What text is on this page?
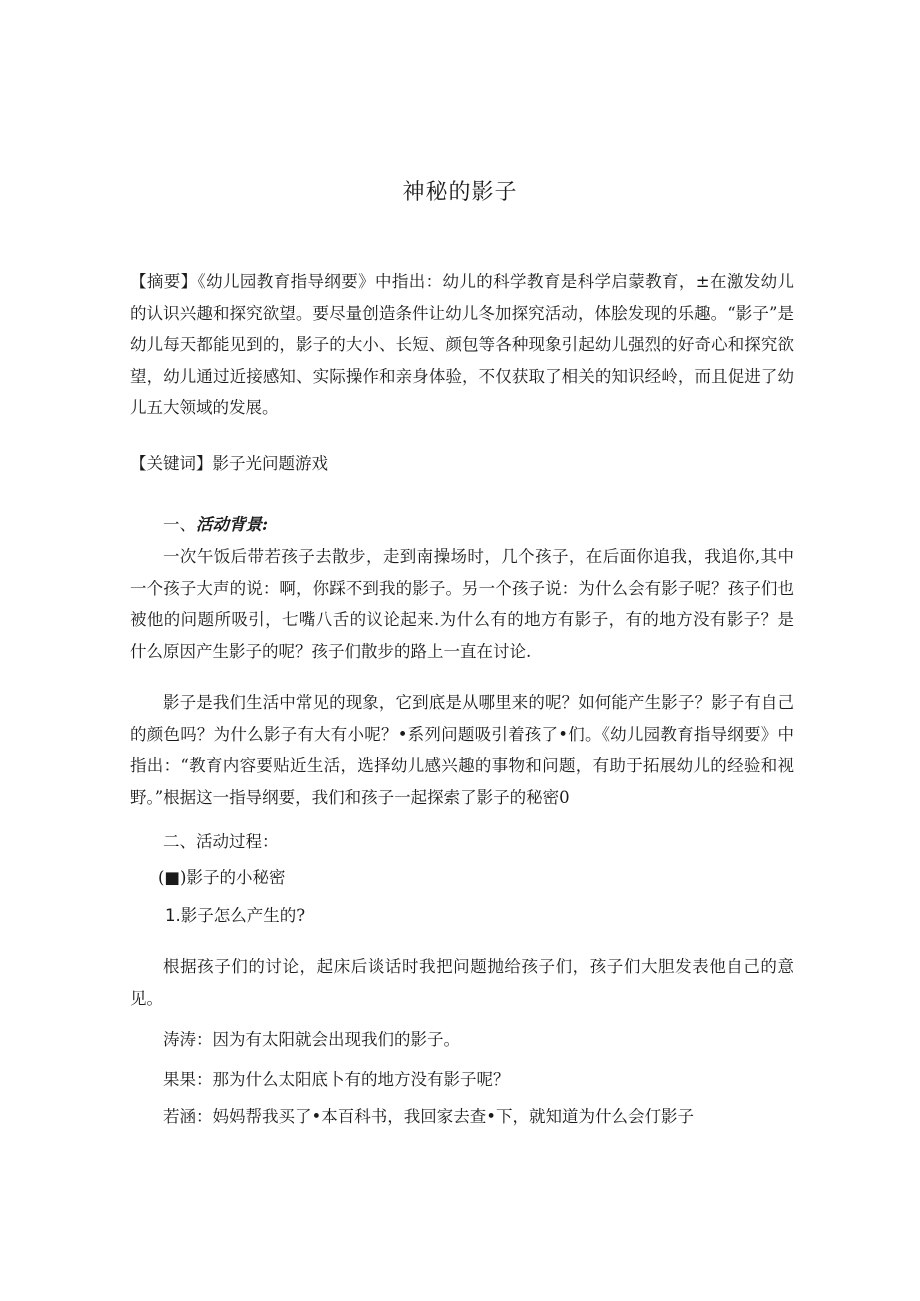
神秘的影子
【摘要】《幼儿园教育指导纲要》中指出：幼儿的科学教育是科学启蒙教育，±在激发幼儿的认识兴趣和探究欲望。要尽量创造条件让幼儿冬加探究活动，体脍发现的乐趣。“影子”是幼儿每天都能见到的，影子的大小、长短、颜包等各种现象引起幼儿强烈的好奇心和探究欲望，幼儿通过近接感知、实际操作和亲身体验，不仅获取了相关的知识经岭，而且促进了幼儿五大领域的发展。
【关键词】影子光问题游戏
一、活动背景:
一次午饭后带若孩子去散步，走到南操场时，几个孩子，在后面你追我，我追你,其中一个孩子大声的说：啊，你踩不到我的影子。另一个孩子说：为什么会有影子呢？孩子们也被他的问题所吸引，七嘴八舌的议论起来.为什么有的地方有影子，有的地方没有影子？是什么原因产生影子的呢？孩子们散步的路上一直在讨论.
影子是我们生活中常见的现象，它到底是从哪里来的呢？如何能产生影子？影子有自己的颜色吗？为什么影子有大有小呢？•系列问题吸引着孩了•们。《幼儿园教育指导纲要》中指出：“教育内容要贴近生活，选择幼儿感兴趣的事物和问题，有助于拓展幼儿的经验和视野。”根据这一指导纲要，我们和孩子一起探索了影子的秘密0
二、活动过程：
(■)影子的小秘密
1.影子怎么产生的?
根据孩子们的讨论，起床后谈话时我把问题抛给孩子们，孩子们大胆发表他自己的意见。
涛涛：因为有太阳就会出现我们的影子。
果果：那为什么太阳底卜有的地方没有影子呢？
若涵：妈妈帮我买了•本百科书，我回家去查•下，就知道为什么会仃影子
